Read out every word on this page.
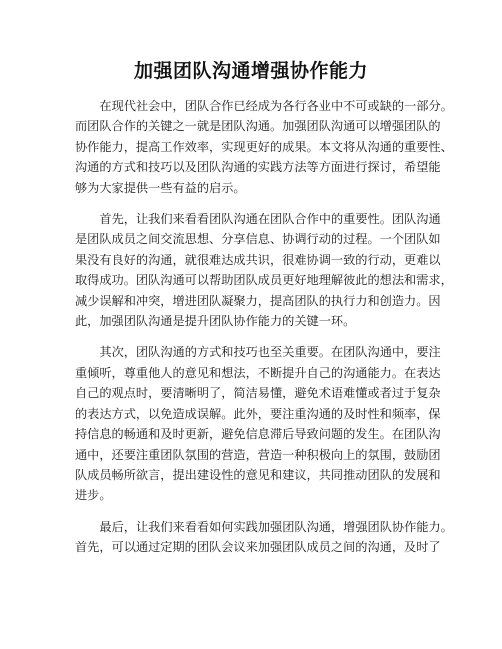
加强团队沟通增强协作能力
在现代社会中，团队合作已经成为各行各业中不可或缺的一部分。
而团队合作的关键之一就是团队沟通。加强团队沟通可以增强团队的
协作能力，提高工作效率，实现更好的成果。本文将从沟通的重要性、
沟通的方式和技巧以及团队沟通的实践方法等方面进行探讨，希望能
够为大家提供一些有益的启示。
首先，让我们来看看团队沟通在团队合作中的重要性。团队沟通
是团队成员之间交流思想、分享信息、协调行动的过程。一个团队如
果没有良好的沟通，就很难达成共识，很难协调一致的行动，更难以
取得成功。团队沟通可以帮助团队成员更好地理解彼此的想法和需求，
减少误解和冲突，增进团队凝聚力，提高团队的执行力和创造力。因
此，加强团队沟通是提升团队协作能力的关键一环。
其次，团队沟通的方式和技巧也至关重要。在团队沟通中，要注
重倾听，尊重他人的意见和想法，不断提升自己的沟通能力。在表达
自己的观点时，要清晰明了，简洁易懂，避免术语难懂或者过于复杂
的表达方式，以免造成误解。此外，要注重沟通的及时性和频率，保
持信息的畅通和及时更新，避免信息滞后导致问题的发生。在团队沟
通中，还要注重团队氛围的营造，营造一种积极向上的氛围，鼓励团
队成员畅所欲言，提出建设性的意见和建议，共同推动团队的发展和
进步。
最后，让我们来看看如何实践加强团队沟通，增强团队协作能力。
首先，可以通过定期的团队会议来加强团队成员之间的沟通，及时了
